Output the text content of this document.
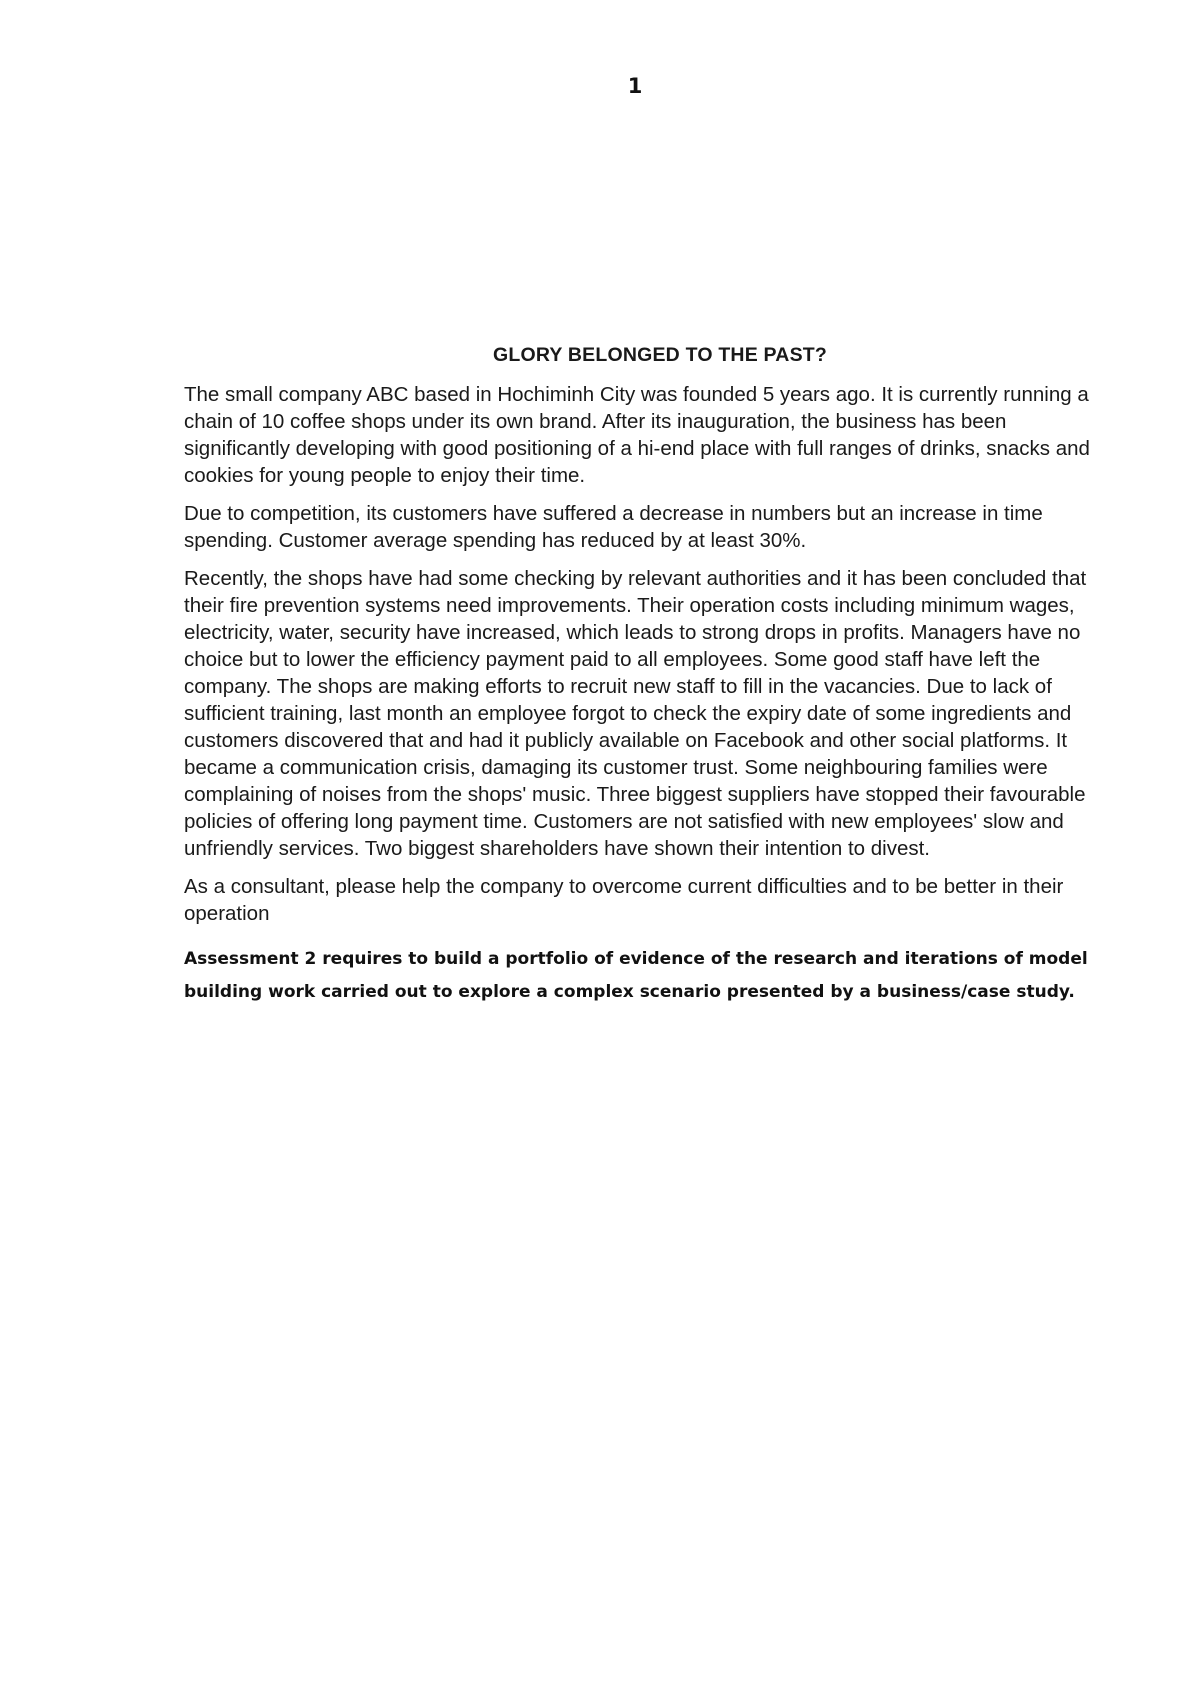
1
GLORY BELONGED TO THE PAST?

The small company ABC based in Hochiminh City was founded 5 years ago. It is currently running a chain of 10 coffee shops under its own brand. After its inauguration, the business has been significantly developing with good positioning of a hi-end place with full ranges of drinks, snacks and cookies for young people to enjoy their time.

Due to competition, its customers have suffered a decrease in numbers but an increase in time spending. Customer average spending has reduced by at least 30%.

Recently, the shops have had some checking by relevant authorities and it has been concluded that their fire prevention systems need improvements. Their operation costs including minimum wages, electricity, water, security have increased, which leads to strong drops in profits. Managers have no choice but to lower the efficiency payment paid to all employees. Some good staff have left the company. The shops are making efforts to recruit new staff to fill in the vacancies. Due to lack of sufficient training, last month an employee forgot to check the expiry date of some ingredients and customers discovered that and had it publicly available on Facebook and other social platforms. It became a communication crisis, damaging its customer trust. Some neighbouring families were complaining of noises from the shops' music. Three biggest suppliers have stopped their favourable policies of offering long payment time. Customers are not satisfied with new employees' slow and unfriendly services. Two biggest shareholders have shown their intention to divest.

As a consultant, please help the company to overcome current difficulties and to be better in their operation

Assessment 2 requires to build a portfolio of evidence of the research and iterations of model building work carried out to explore a complex scenario presented by a business/case study.
